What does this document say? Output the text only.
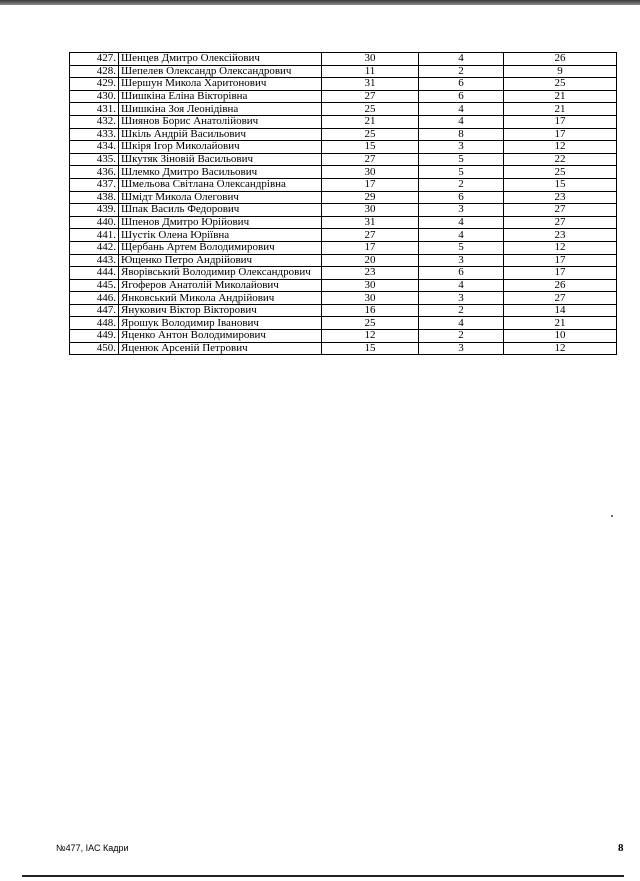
427.	Шенцев Дмитро Олексійович	30	4	26
428.	Шепелев Олександр Олександрович	11	2	9
429.	Шершун Микола Харитонович	31	6	25
430.	Шишкіна Еліна Вікторівна	27	6	21
431.	Шишкіна Зоя Леонідівна	25	4	21
432.	Шиянов Борис Анатолійович	21	4	17
433.	Шкіль Андрій Васильович	25	8	17
434.	Шкіря Ігор Миколайович	15	3	12
435.	Шкутяк Зіновій Васильович	27	5	22
436.	Шлемко Дмитро Васильович	30	5	25
437.	Шмельова Світлана Олександрівна	17	2	15
438.	Шмідт Микола Олегович	29	6	23
439.	Шпак Василь Федорович	30	3	27
440.	Шпенов Дмитро Юрійович	31	4	27
441.	Шустік Олена Юріївна	27	4	23
442.	Щербань Артем Володимирович	17	5	12
443.	Ющенко Петро Андрійович	20	3	17
444.	Яворівський Володимир Олександрович	23	6	17
445.	Ягоферов Анатолій Миколайович	30	4	26
446.	Янковський Микола Андрійович	30	3	27
447.	Янукович Віктор Вікторович	16	2	14
448.	Ярошук Володимир Іванович	25	4	21
449.	Яценко Антон Володимирович	12	2	10
450.	Яценюк Арсеній Петрович	15	3	12
№477, ІАС Кадри	8
